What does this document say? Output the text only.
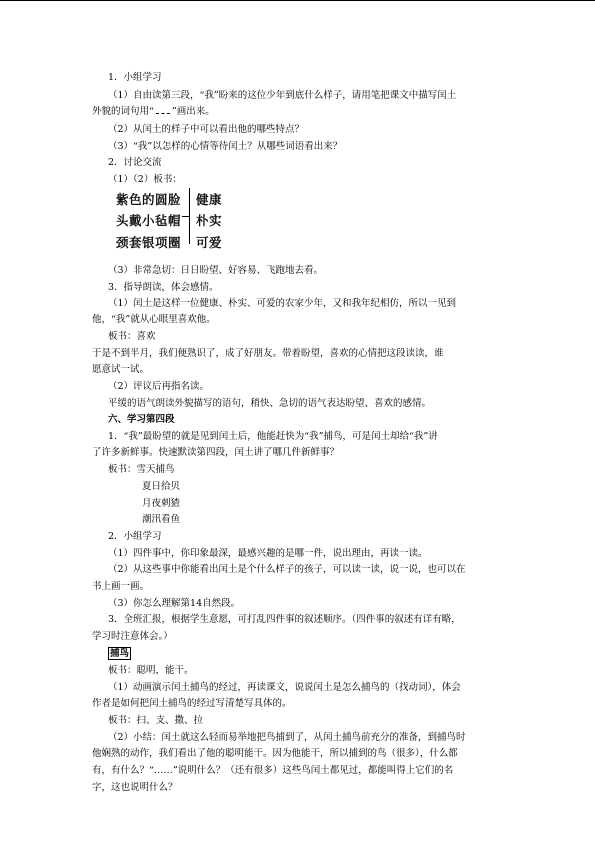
1．小组学习
（1）自由读第三段，“我”盼来的这位少年到底什么样子，请用笔把课文中描写闰土
外貌的词句用“ ”画出来。
（2）从闰土的样子中可以看出他的哪些特点？
（3）“我”以怎样的心情等待闰土？从哪些词语看出来？
2．讨论交流
（1）（2）板书：
紫色的圆脸
头戴小毡帽
颈套银项圈
健康
朴实
可爱
（3）非常急切：日日盼望、好容易、飞跑地去看。
3．指导朗读，体会感情。
（1）闰土是这样一位健康、朴实、可爱的农家少年，又和我年纪相仿，所以一见到
他，“我”就从心眼里喜欢他。
板书：喜欢
于是不到半月，我们便熟识了，成了好朋友。带着盼望，喜欢的心情把这段读读，谁
愿意试一试。
（2）评议后再指名读。
平缓的语气朗读外貌描写的语句，稍快、急切的语气表达盼望、喜欢的感情。
六、学习第四段
1．“我”最盼望的就是见到闰土后，他能赶快为“我”捕鸟，可是闰土却给“我”讲
了许多新鲜事。快速默读第四段，闰土讲了哪几件新鲜事？
板书：雪天捕鸟
夏日拾贝
月夜刺猹
潮汛看鱼
2．小组学习
（1）四件事中，你印象最深，最感兴趣的是哪一件，说出理由，再读一读。
（2）从这些事中你能看出闰土是个什么样子的孩子，可以读一读，说一说，也可以在
书上画一画。
（3）你怎么理解第14自然段。
3．全班汇报，根据学生意愿，可打乱四件事的叙述顺序。（四件事的叙述有详有略，
学习时注意体会。）
捕鸟
板书：聪明，能干。
（1）动画演示闰土捕鸟的经过，再读课文，说说闰土是怎么捕鸟的（找动词），体会
作者是如何把闰土捕鸟的经过写清楚写具体的。
板书：扫、支、撒、拉
（2）小结：闰土就这么轻而易举地把鸟捕到了，从闰土捕鸟前充分的准备，到捕鸟时
他娴熟的动作，我们看出了他的聪明能干。因为他能干，所以捕到的鸟（很多），什么都
有，有什么？“……”说明什么？（还有很多）这些鸟闰土都见过，都能叫得上它们的名
字，这也说明什么？
